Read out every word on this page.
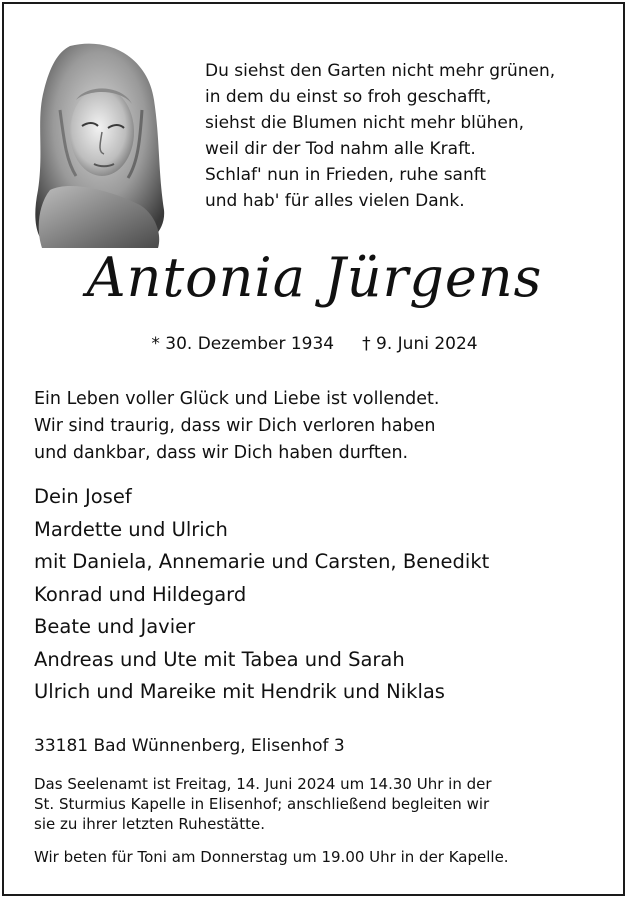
Du siehst den Garten nicht mehr grünen,
in dem du einst so froh geschafft,
siehst die Blumen nicht mehr blühen,
weil dir der Tod nahm alle Kraft.
Schlaf' nun in Frieden, ruhe sanft
und hab' für alles vielen Dank.
Antonia Jürgens
* 30. Dezember 1934 † 9. Juni 2024
Ein Leben voller Glück und Liebe ist vollendet.
Wir sind traurig, dass wir Dich verloren haben
und dankbar, dass wir Dich haben durften.
Dein Josef
Mardette und Ulrich
mit Daniela, Annemarie und Carsten, Benedikt
Konrad und Hildegard
Beate und Javier
Andreas und Ute mit Tabea und Sarah
Ulrich und Mareike mit Hendrik und Niklas
33181 Bad Wünnenberg, Elisenhof 3
Das Seelenamt ist Freitag, 14. Juni 2024 um 14.30 Uhr in der
St. Sturmius Kapelle in Elisenhof; anschließend begleiten wir
sie zu ihrer letzten Ruhestätte.
Wir beten für Toni am Donnerstag um 19.00 Uhr in der Kapelle.
